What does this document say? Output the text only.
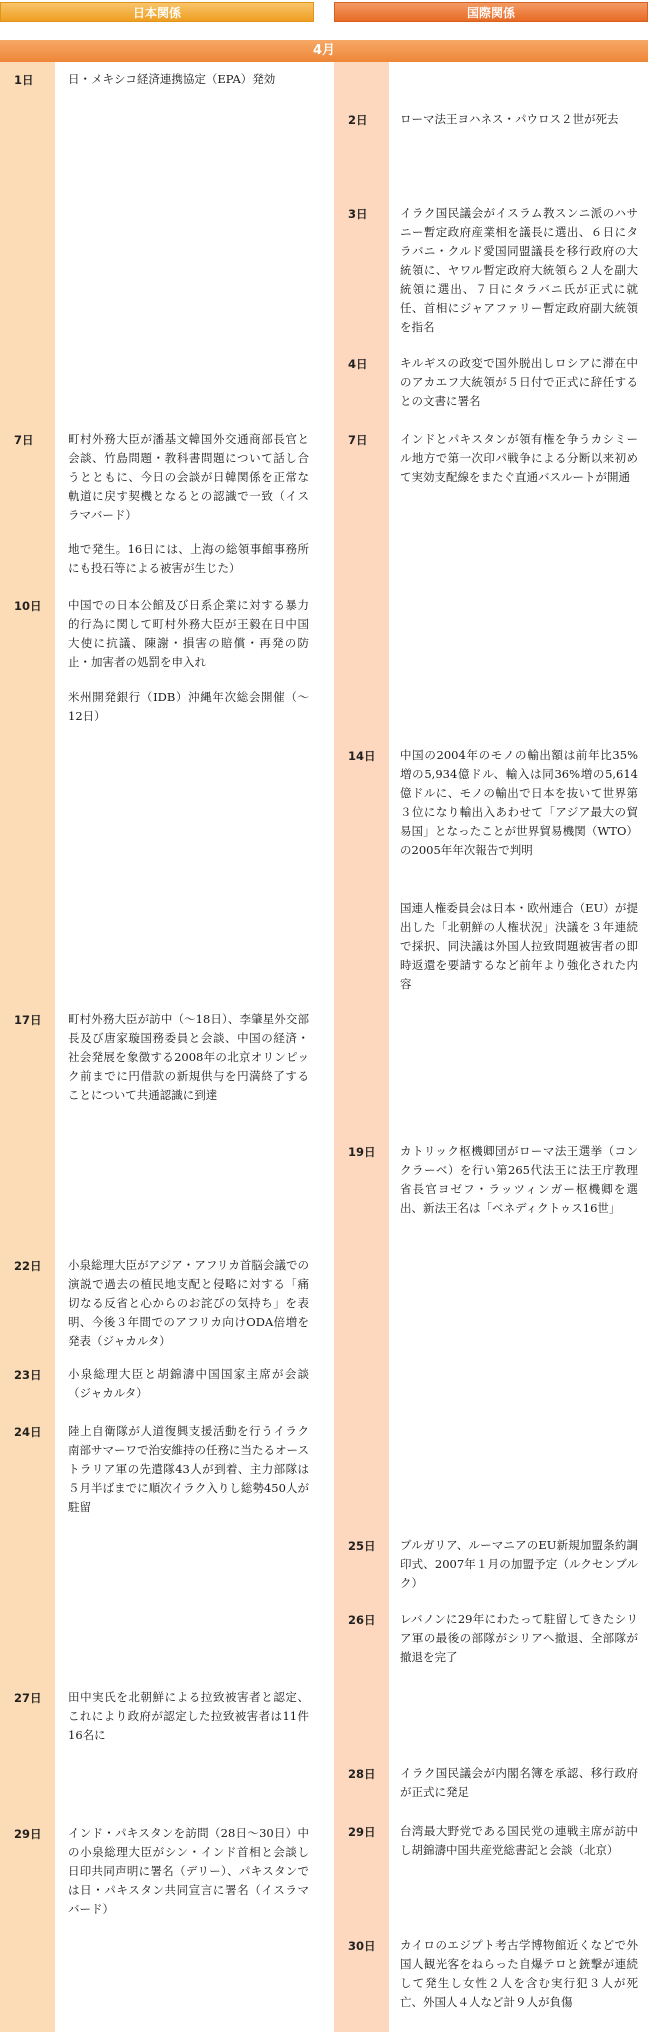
日本関係	国際関係
4月
1日	日・メキシコ経済連携協定（EPA）発効
7日	町村外務大臣が潘基文韓国外交通商部長官と会談、竹島問題・教科書問題について話し合うとともに、今日の会談が日韓関係を正常な軌道に戻す契機となるとの認識で一致（イスラマバード）
地で発生。16日には、上海の総領事館事務所にも投石等による被害が生じた）
10日 中国での日本公館及び日系企業に対する暴力的行為に関して町村外務大臣が王毅在日中国大使に抗議、陳謝・損害の賠償・再発の防止・加害者の処罰を申入れ
米州開発銀行（IDB）沖縄年次総会開催（～12日）
17日 町村外務大臣が訪中（～18日）、李肇星外交部長及び唐家璇国務委員と会談、中国の経済・社会発展を象徴する2008年の北京オリンピック前までに円借款の新規供与を円満終了することについて共通認識に到達
22日 小泉総理大臣がアジア・アフリカ首脳会議での演説で過去の植民地支配と侵略に対する「痛切なる反省と心からのお詫びの気持ち」を表明、今後３年間でのアフリカ向けODA倍増を発表（ジャカルタ）
23日 小泉総理大臣と胡錦濤中国国家主席が会談（ジャカルタ）
24日 陸上自衛隊が人道復興支援活動を行うイラク南部サマーワで治安維持の任務に当たるオーストラリア軍の先遣隊43人が到着、主力部隊は５月半ばまでに順次イラク入りし総勢450人が駐留
27日 田中実氏を北朝鮮による拉致被害者と認定、これにより政府が認定した拉致被害者は11件16名に
29日 インド・パキスタンを訪問（28日～30日）中の小泉総理大臣がシン・インド首相と会談し日印共同声明に署名（デリー）、パキスタンでは日・パキスタン共同宣言に署名（イスラマバード）
2日	ローマ法王ヨハネス・パウロス２世が死去
3日	イラク国民議会がイスラム教スンニ派のハサニー暫定政府産業相を議長に選出、６日にタラバニ・クルド愛国同盟議長を移行政府の大統領に、ヤワル暫定政府大統領ら２人を副大統領に選出、７日にタラバニ氏が正式に就任、首相にジャアファリー暫定政府副大統領を指名
4日	キルギスの政変で国外脱出しロシアに滞在中のアカエフ大統領が５日付で正式に辞任するとの文書に署名
7日	インドとパキスタンが領有権を争うカシミール地方で第一次印パ戦争による分断以来初めて実効支配線をまたぐ直通バスルートが開通
14日 中国の2004年のモノの輸出額は前年比35%増の5,934億ドル、輸入は同36%増の5,614億ドルに、モノの輸出で日本を抜いて世界第３位になり輸出入あわせて「アジア最大の貿易国」となったことが世界貿易機関（WTO）の2005年年次報告で判明
国連人権委員会は日本・欧州連合（EU）が提出した「北朝鮮の人権状況」決議を３年連続で採択、同決議は外国人拉致問題被害者の即時返還を要請するなど前年より強化された内容
19日 カトリック枢機卿団がローマ法王選挙（コンクラーベ）を行い第265代法王に法王庁教理省長官ヨゼフ・ラッツィンガー枢機卿を選出、新法王名は「ベネディクトゥス16世」
25日 ブルガリア、ルーマニアのEU新規加盟条約調印式、2007年１月の加盟予定（ルクセンブルク）
26日 レバノンに29年にわたって駐留してきたシリア軍の最後の部隊がシリアへ撤退、全部隊が撤退を完了
28日 イラク国民議会が内閣名簿を承認、移行政府が正式に発足
29日 台湾最大野党である国民党の連戦主席が訪中し胡錦濤中国共産党総書記と会談（北京）
30日 カイロのエジプト考古学博物館近くなどで外国人観光客をねらった自爆テロと銃撃が連続して発生し女性２人を含む実行犯３人が死亡、外国人４人など計９人が負傷
